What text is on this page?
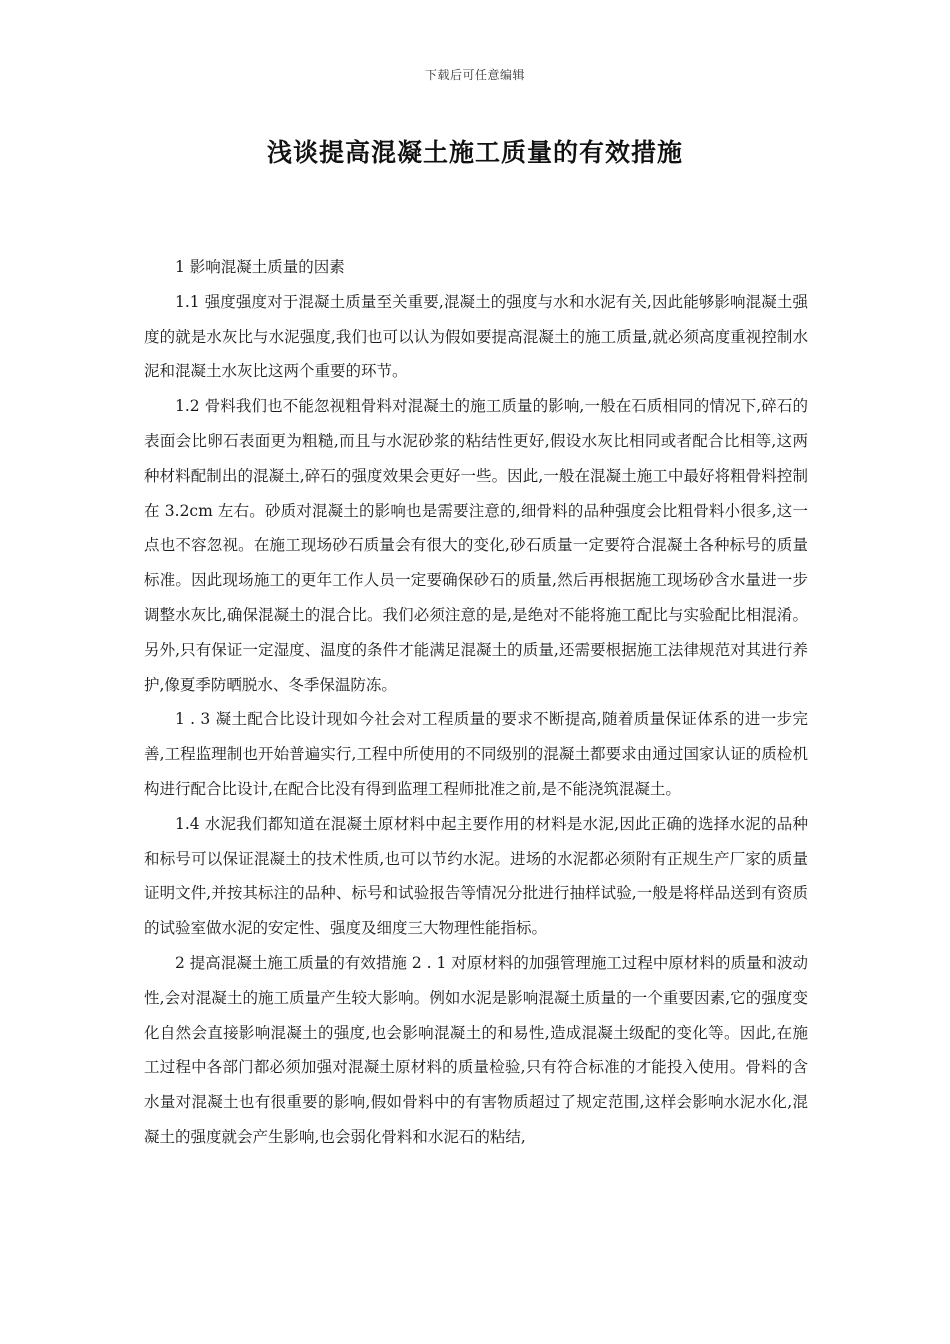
下载后可任意编辑
浅谈提高混凝土施工质量的有效措施

1 影响混凝土质量的因素

1.1 强度强度对于混凝土质量至关重要,混凝土的强度与水和水泥有关,因此能够影响混凝土强度的就是水灰比与水泥强度,我们也可以认为假如要提高混凝土的施工质量,就必须高度重视控制水泥和混凝土水灰比这两个重要的环节。

1.2 骨料我们也不能忽视粗骨料对混凝土的施工质量的影响,一般在石质相同的情况下,碎石的表面会比卵石表面更为粗糙,而且与水泥砂浆的粘结性更好,假设水灰比相同或者配合比相等,这两种材料配制出的混凝土,碎石的强度效果会更好一些。因此,一般在混凝土施工中最好将粗骨料控制在 3.2cm 左右。砂质对混凝土的影响也是需要注意的,细骨料的品种强度会比粗骨料小很多,这一点也不容忽视。在施工现场砂石质量会有很大的变化,砂石质量一定要符合混凝土各种标号的质量标准。因此现场施工的更年工作人员一定要确保砂石的质量,然后再根据施工现场砂含水量进一步调整水灰比,确保混凝土的混合比。我们必须注意的是,是绝对不能将施工配比与实验配比相混淆。另外,只有保证一定湿度、温度的条件才能满足混凝土的质量,还需要根据施工法律规范对其进行养护,像夏季防晒脱水、冬季保温防冻。

1 . 3 凝土配合比设计现如今社会对工程质量的要求不断提高,随着质量保证体系的进一步完善,工程监理制也开始普遍实行,工程中所使用的不同级别的混凝土都要求由通过国家认证的质检机构进行配合比设计,在配合比没有得到监理工程师批准之前,是不能浇筑混凝土。

1.4 水泥我们都知道在混凝土原材料中起主要作用的材料是水泥,因此正确的选择水泥的品种和标号可以保证混凝土的技术性质,也可以节约水泥。进场的水泥都必须附有正规生产厂家的质量证明文件,并按其标注的品种、标号和试验报告等情况分批进行抽样试验,一般是将样品送到有资质的试验室做水泥的安定性、强度及细度三大物理性能指标。

2 提高混凝土施工质量的有效措施 2 . 1 对原材料的加强管理施工过程中原材料的质量和波动性,会对混凝土的施工质量产生较大影响。例如水泥是影响混凝土质量的一个重要因素,它的强度变化自然会直接影响混凝土的强度,也会影响混凝土的和易性,造成混凝土级配的变化等。因此,在施工过程中各部门都必须加强对混凝土原材料的质量检验,只有符合标准的才能投入使用。骨料的含水量对混凝土也有很重要的影响,假如骨料中的有害物质超过了规定范围,这样会影响水泥水化,混凝土的强度就会产生影响,也会弱化骨料和水泥石的粘结,
